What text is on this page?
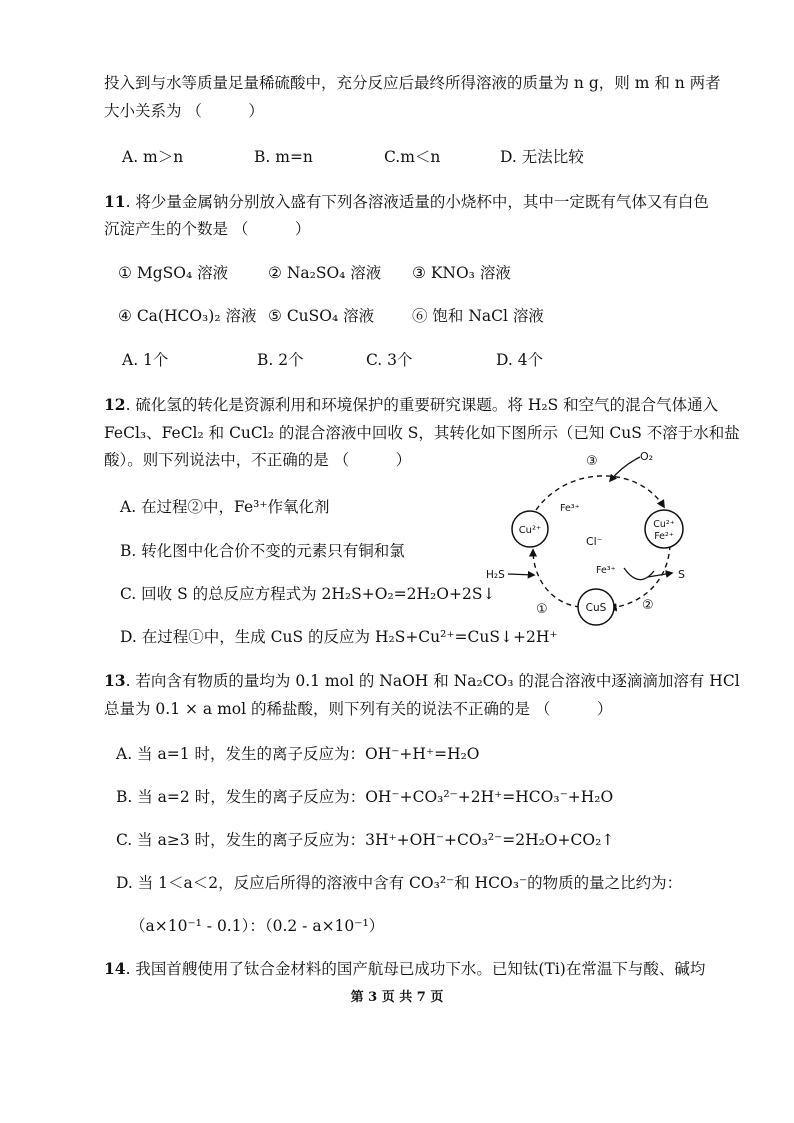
投入到与水等质量足量稀硫酸中，充分反应后最终所得溶液的质量为 n g，则 m 和 n 两者
大小关系为 （　　　）
A. m＞n	B. m=n	C.m＜n	D. 无法比较
11. 将少量金属钠分别放入盛有下列各溶液适量的小烧杯中，其中一定既有气体又有白色
沉淀产生的个数是 （　　　）
① MgSO₄ 溶液	② Na₂SO₄ 溶液 ③ KNO₃ 溶液
④ Ca(HCO₃)₂ 溶液 ⑤ CuSO₄ 溶液 ⑥ 饱和 NaCl 溶液
A. 1个	B. 2个	C. 3个	D. 4个
12. 硫化氢的转化是资源利用和环境保护的重要研究课题。将 H₂S 和空气的混合气体通入
FeCl₃、FeCl₂ 和 CuCl₂ 的混合溶液中回收 S，其转化如下图所示（已知 CuS 不溶于水和盐
酸）。则下列说法中，不正确的是 （　　　）
A. 在过程②中，Fe³⁺作氧化剂
B. 转化图中化合价不变的元素只有铜和氯
C. 回收 S 的总反应方程式为 2H₂S+O₂=2H₂O+2S↓
D. 在过程①中，生成 CuS 的反应为 H₂S+Cu²⁺=CuS↓+2H⁺
Cu²⁺
Cu²⁺
Fe²⁺
CuS
Cl⁻
③
①	②
O₂
Fe³⁺
H₂S	Fe³⁺	S
13. 若向含有物质的量均为 0.1 mol 的 NaOH 和 Na₂CO₃ 的混合溶液中逐滴滴加溶有 HCl
总量为 0.1 × a mol 的稀盐酸，则下列有关的说法不正确的是 （　　　）
A. 当 a=1 时，发生的离子反应为：OH⁻+H⁺=H₂O
B. 当 a=2 时，发生的离子反应为：OH⁻+CO₃²⁻+2H⁺=HCO₃⁻+H₂O
C. 当 a≥3 时，发生的离子反应为：3H⁺+OH⁻+CO₃²⁻=2H₂O+CO₂↑
D. 当 1＜a＜2，反应后所得的溶液中含有 CO₃²⁻和 HCO₃⁻的物质的量之比约为：
（a×10⁻¹ - 0.1）：（0.2 - a×10⁻¹）
14. 我国首艘使用了钛合金材料的国产航母已成功下水。已知钛(Ti)在常温下与酸、碱均
第 3 页 共 7 页
